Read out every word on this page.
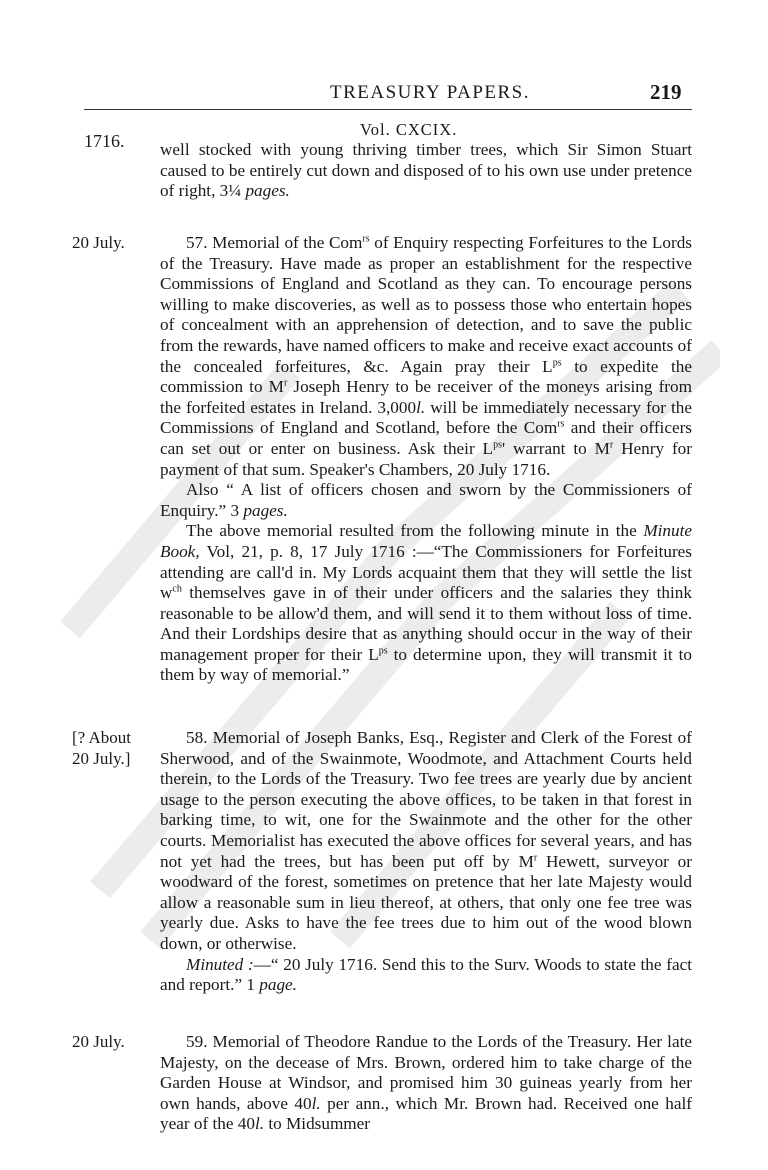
TREASURY PAPERS.	219
Vol. CXCIX.
1716. well stocked with young thriving timber trees, which Sir Simon Stuart caused to be entirely cut down and disposed of to his own use under pretence of right, 3¼ pages.

20 July.	57. Memorial of the Com$^{rs}$ of Enquiry respecting Forfeitures to the Lords of the Treasury. Have made as proper an establishment for the respective Commissions of England and Scotland as they can. To encourage persons willing to make discoveries, as well as to possess those who entertain hopes of concealment with an apprehension of detection, and to save the public from the rewards, have named officers to make and receive exact accounts of the concealed forfeitures, &c. Again pray their $L^{ps}$ to expedite the commission to $M^r$ Joseph Henry to be receiver of the moneys arising from the forfeited estates in Ireland. 3,000l. will be immediately necessary for the Commissions of England and Scotland, before the Com$^{rs}$ and their officers can set out or enter on business. Ask their $L^{ps}'$ warrant to $M^r$ Henry for payment of that sum. Speaker's Chambers, 20 July 1716.

Also “ A list of officers chosen and sworn by the Commissioners of Enquiry.” 3 pages.

The above memorial resulted from the following minute in the Minute Book, Vol, 21, p. 8, 17 July 1716 :—“The Commissioners for Forfeitures attending are call'd in. My Lords acquaint them that they will settle the list $w^{ch}$ themselves gave in of their under officers and the salaries they think reasonable to be allow'd them, and will send it to them without loss of time. And their Lordships desire that as anything should occur in the way of their management proper for their $L^{ps}$ to determine upon, they will transmit it to them by way of memorial.”

[? About
20 July.]

58. Memorial of Joseph Banks, Esq., Register and Clerk of the Forest of Sherwood, and of the Swainmote, Woodmote, and Attachment Courts held therein, to the Lords of the Treasury. Two fee trees are yearly due by ancient usage to the person executing the above offices, to be taken in that forest in barking time, to wit, one for the Swainmote and the other for the other courts. Memorialist has executed the above offices for several years, and has not yet had the trees, but has been put off by $M^r$ Hewett, surveyor or woodward of the forest, sometimes on pretence that her late Majesty would allow a reasonable sum in lieu thereof, at others, that only one fee tree was yearly due. Asks to have the fee trees due to him out of the wood blown down, or otherwise.

Minuted :—“ 20 July 1716. Send this to the Surv. Woods to state the fact and report.” 1 page.

20 July.	59. Memorial of Theodore Randue to the Lords of the Treasury. Her late Majesty, on the decease of Mrs. Brown, ordered him to take charge of the Garden House at Windsor, and promised him 30 guineas yearly from her own hands, above 40l. per ann., which Mr. Brown had. Received one half year of the 40l. to Midsummer
